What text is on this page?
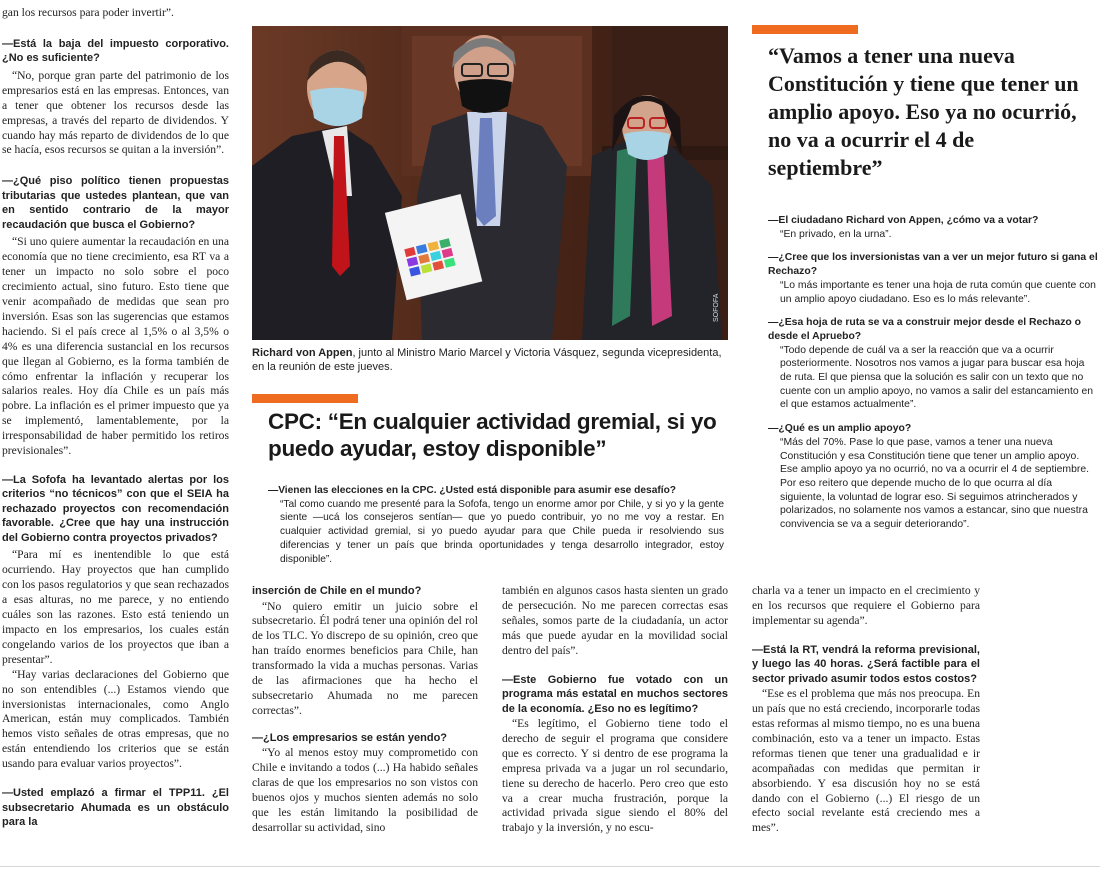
gan los recursos para poder invertir”.

—Está la baja del impuesto corporativo. ¿No es suficiente?

“No, porque gran parte del patrimonio de los empresarios está en las empresas. Entonces, van a tener que obtener los recursos desde las empresas, a través del reparto de dividendos. Y cuando hay más reparto de dividendos de lo que se hacía, esos recursos se quitan a la inversión”.

—¿Qué piso político tienen propuestas tributarias que ustedes plantean, que van en sentido contrario de la mayor recaudación que busca el Gobierno?

“Si uno quiere aumentar la recaudación en una economía que no tiene crecimiento, esa RT va a tener un impacto no solo sobre el poco crecimiento actual, sino futuro. Esto tiene que venir acompañado de medidas que sean pro inversión. Esas son las sugerencias que estamos haciendo. Si el país crece al 1,5% o al 3,5% o 4% es una diferencia sustancial en los recursos que llegan al Gobierno, es la forma también de cómo enfrentar la inflación y recuperar los salarios reales. Hoy día Chile es un país más pobre. La inflación es el primer impuesto que ya se implementó, lamentablemente, por la irresponsabilidad de haber permitido los retiros previsionales”.

—La Sofofa ha levantado alertas por los criterios “no técnicos” con que el SEIA ha rechazado proyectos con recomendación favorable. ¿Cree que hay una instrucción del Gobierno contra proyectos privados?

“Para mí es inentendible lo que está ocurriendo. Hay proyectos que han cumplido con los pasos regulatorios y que sean rechazados a esas alturas, no me parece, y no entiendo cuáles son las razones. Esto está teniendo un impacto en los empresarios, los cuales están congelando varios de los proyectos que iban a presentar”.

“Hay varias declaraciones del Gobierno que no son entendibles (...) Estamos viendo que inversionistas internacionales, como Anglo American, están muy complicados. También hemos visto señales de otras empresas, que no están entendiendo los criterios que se están usando para evaluar varios proyectos”.

—Usted emplazó a firmar el TPP11. ¿El subsecretario Ahumada es un obstáculo para la

SOFOFA
Richard von Appen, junto al Ministro Mario Marcel y Victoria Vásquez, segunda vicepresidenta, en la reunión de este jueves.
CPC: “En cualquier actividad gremial, si yo puedo ayudar, estoy disponible”

—Vienen las elecciones en la CPC. ¿Usted está disponible para asumir ese desafío?

“Tal como cuando me presenté para la Sofofa, tengo un enorme amor por Chile, y si yo y la gente siente —ucá los consejeros sentían— que yo puedo contribuir, yo no me voy a restar. En cualquier actividad gremial, si yo puedo ayudar para que Chile pueda ir resolviendo sus diferencias y tener un país que brinda oportunidades y tenga desarrollo integrador, estoy disponible”.

inserción de Chile en el mundo?

“No quiero emitir un juicio sobre el subsecretario. Él podrá tener una opinión del rol de los TLC. Yo discrepo de su opinión, creo que han traído enormes beneficios para Chile, han transformado la vida a muchas personas. Varias de las afirmaciones que ha hecho el subsecretario Ahumada no me parecen correctas”.

—¿Los empresarios se están yendo?

“Yo al menos estoy muy comprometido con Chile e invitando a todos (...) Ha habido señales claras de que los empresarios no son vistos con buenos ojos y muchos sienten además no solo que les están limitando la posibilidad de desarrollar su actividad, sino

también en algunos casos hasta sienten un grado de persecución. No me parecen correctas esas señales, somos parte de la ciudadanía, un actor más que puede ayudar en la movilidad social dentro del país”.

—Este Gobierno fue votado con un programa más estatal en muchos sectores de la economía. ¿Eso no es legítimo?

“Es legítimo, el Gobierno tiene todo el derecho de seguir el programa que considere que es correcto. Y si dentro de ese programa la empresa privada va a jugar un rol secundario, tiene su derecho de hacerlo. Pero creo que esto va a crear mucha frustración, porque la actividad privada sigue siendo el 80% del trabajo y la inversión, y no escu-

charla va a tener un impacto en el crecimiento y en los recursos que requiere el Gobierno para implementar su agenda”.

—Está la RT, vendrá la reforma previsional, y luego las 40 horas. ¿Será factible para el sector privado asumir todos estos costos?

“Ese es el problema que más nos preocupa. En un país que no está creciendo, incorporarle todas estas reformas al mismo tiempo, no es una buena combinación, esto va a tener un impacto. Estas reformas tienen que tener una gradualidad e ir acompañadas con medidas que permitan ir absorbiendo. Y esa discusión hoy no se está dando con el Gobierno (...) El riesgo de un efecto social revelante está creciendo mes a mes”.

“Vamos a tener una nueva Constitución y tiene que tener un amplio apoyo. Eso ya no ocurrió, no va a ocurrir el 4 de septiembre”

—El ciudadano Richard von Appen, ¿cómo va a votar?

“En privado, en la urna”.

—¿Cree que los inversionistas van a ver un mejor futuro si gana el Rechazo?

“Lo más importante es tener una hoja de ruta común que cuente con un amplio apoyo ciudadano. Eso es lo más relevante”.

—¿Esa hoja de ruta se va a construir mejor desde el Rechazo o desde el Apruebo?

“Todo depende de cuál va a ser la reacción que va a ocurrir posteriormente. Nosotros nos vamos a jugar para buscar esa hoja de ruta. El que piensa que la solución es salir con un texto que no cuente con un amplio apoyo, no vamos a salir del estancamiento en el que estamos actualmente”.

—¿Qué es un amplio apoyo?

“Más del 70%. Pase lo que pase, vamos a tener una nueva Constitución y esa Constitución tiene que tener un amplio apoyo. Ese amplio apoyo ya no ocurrió, no va a ocurrir el 4 de septiembre. Por eso reitero que depende mucho de lo que ocurra al día siguiente, la voluntad de lograr eso. Si seguimos atrincherados y polarizados, no solamente nos vamos a estancar, sino que nuestra convivencia se va a seguir deteriorando”.
